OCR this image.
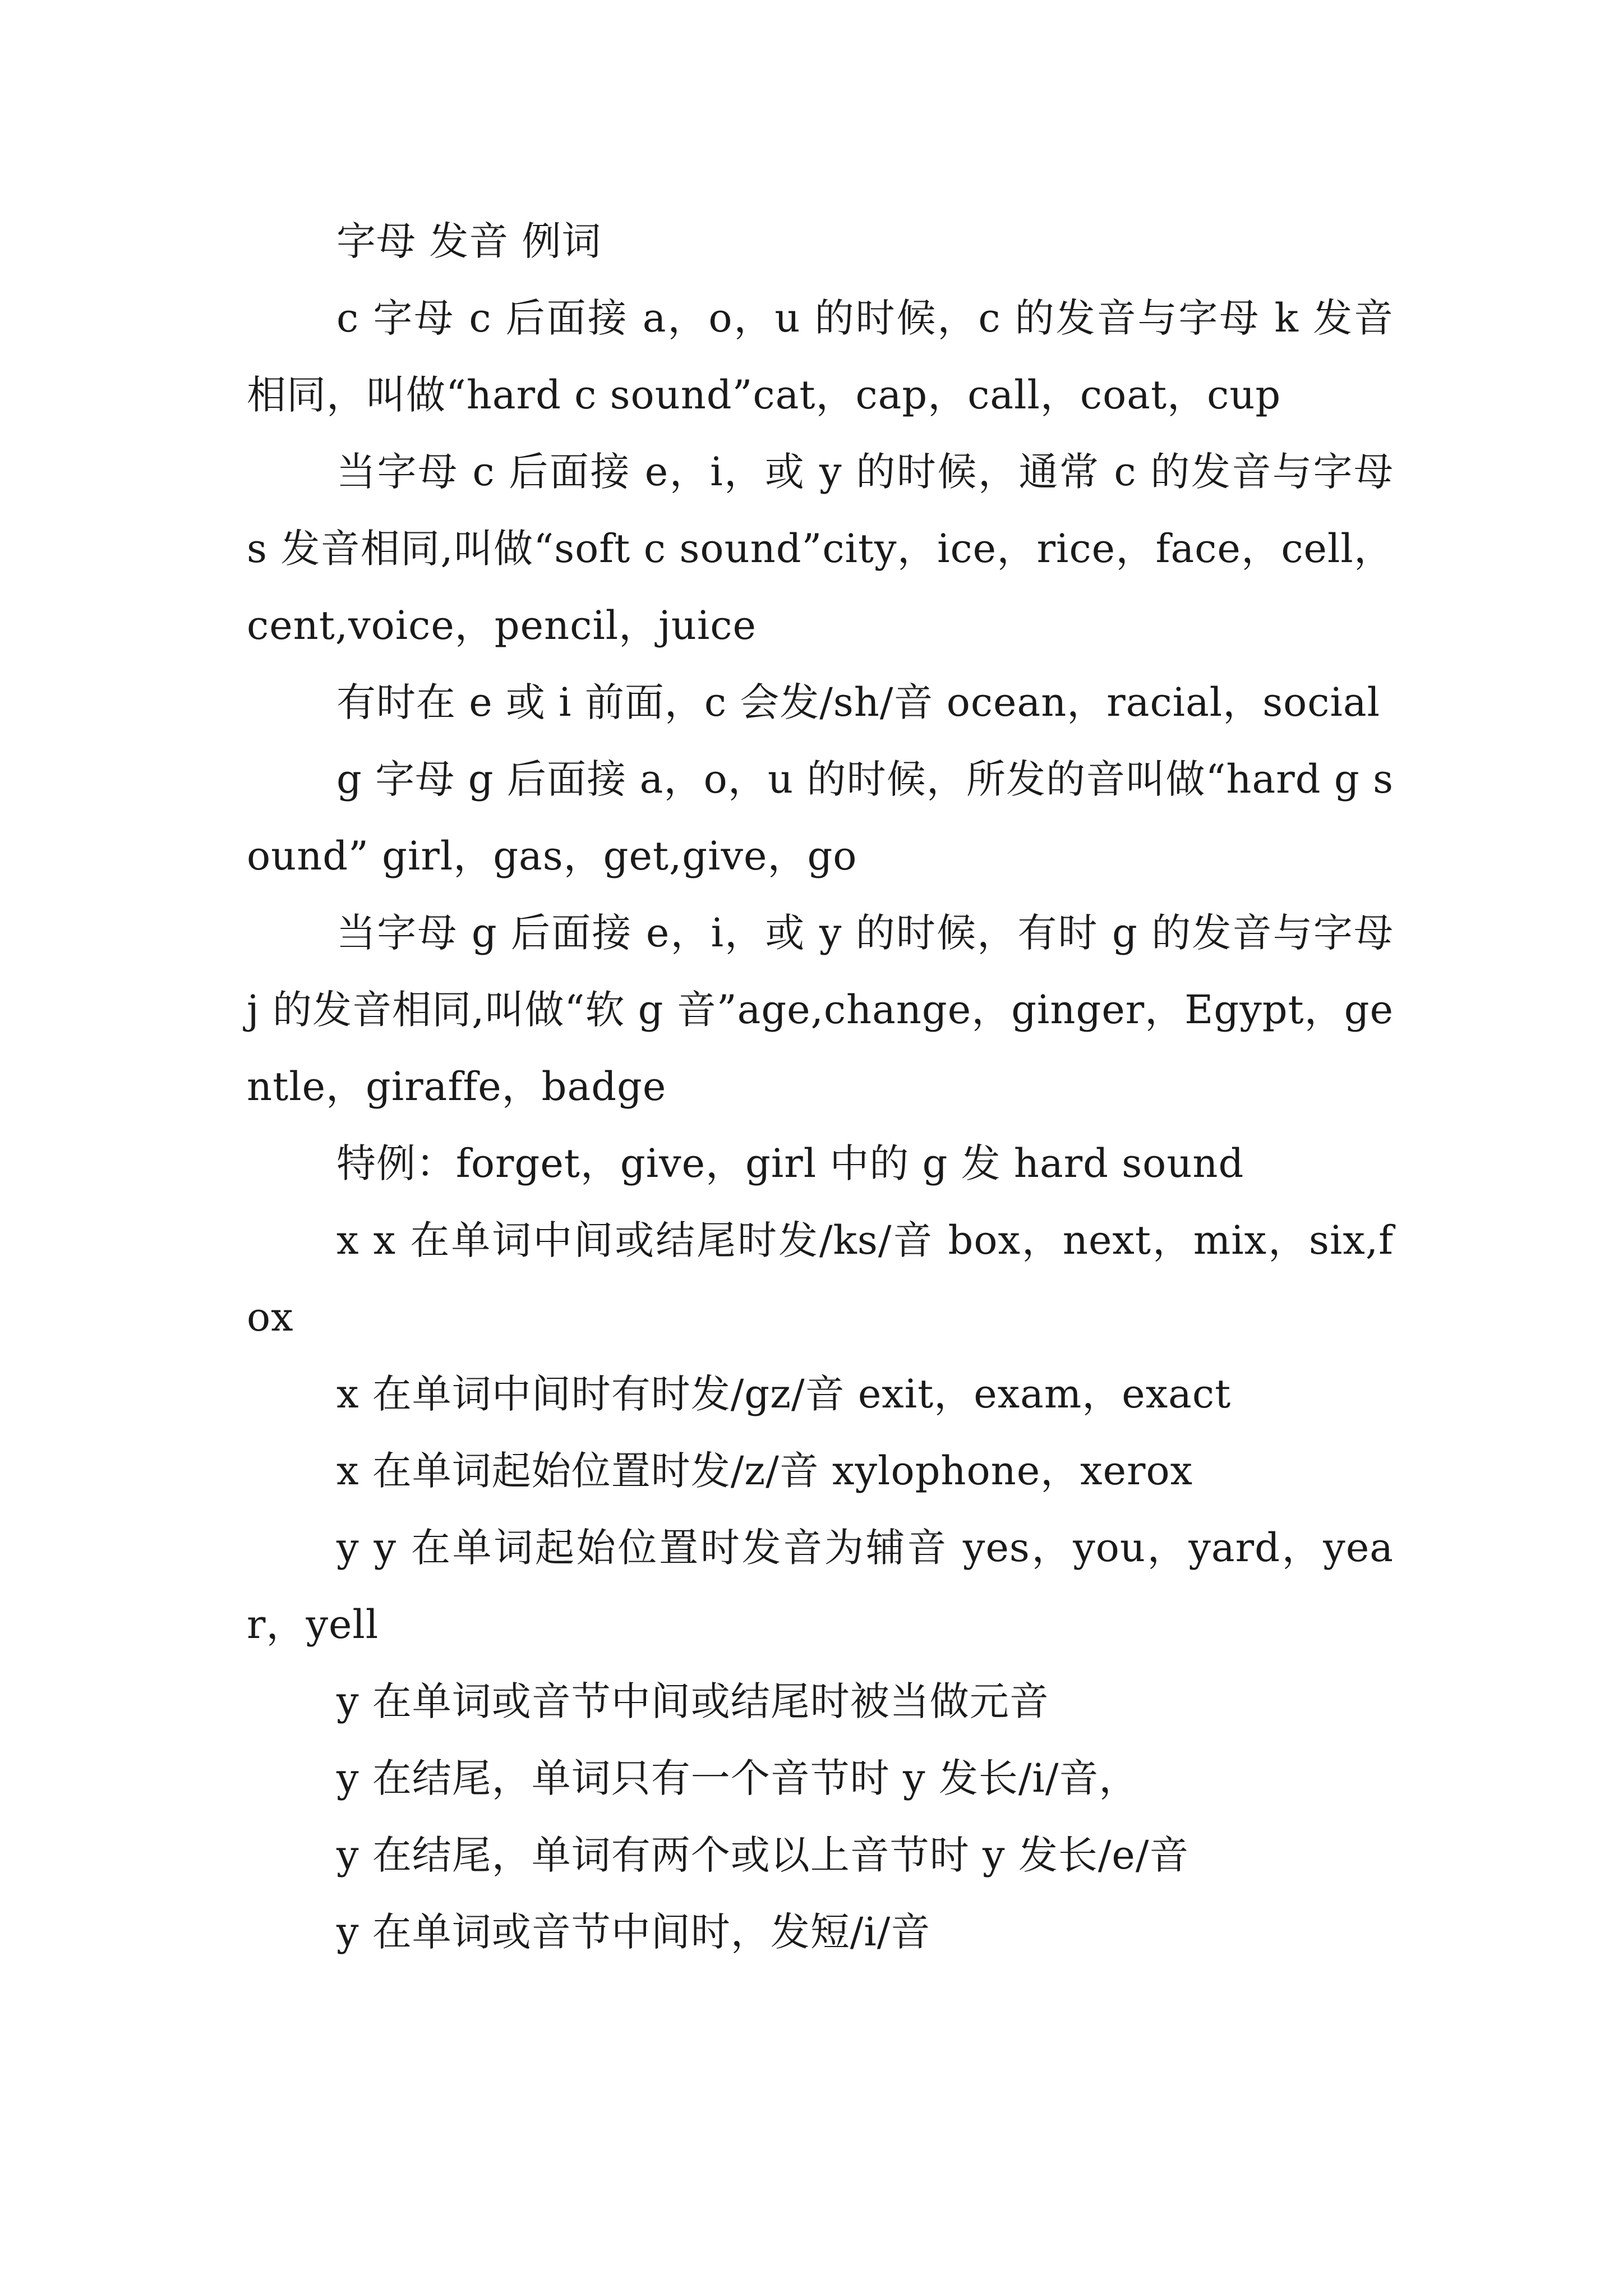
字母 发音 例词

c 字母 c 后面接 a，o，u 的时候，c 的发音与字母 k 发音相同，叫做“hard c sound”cat，cap，call，coat，cup

当字母 c 后面接 e，i，或 y 的时候，通常 c 的发音与字母 s 发音相同,叫做“soft c sound”city，ice，rice，face，cell，cent,voice，pencil，juice

有时在 e 或 i 前面，c 会发/sh/音 ocean，racial，social

g 字母 g 后面接 a，o，u 的时候，所发的音叫做“hard g sound” girl，gas，get,give，go

当字母 g 后面接 e，i，或 y 的时候，有时 g 的发音与字母 j 的发音相同,叫做“软 g 音”age,change，ginger，Egypt，gentle，giraffe，badge

特例：forget，give，girl 中的 g 发 hard sound

x x 在单词中间或结尾时发/ks/音 box，next，mix，six,fox

x 在单词中间时有时发/gz/音 exit，exam，exact

x 在单词起始位置时发/z/音 xylophone，xerox

y y 在单词起始位置时发音为辅音 yes，you，yard，year，yell

y 在单词或音节中间或结尾时被当做元音

y 在结尾，单词只有一个音节时 y 发长/i/音，

y 在结尾，单词有两个或以上音节时 y 发长/e/音

y 在单词或音节中间时，发短/i/音
